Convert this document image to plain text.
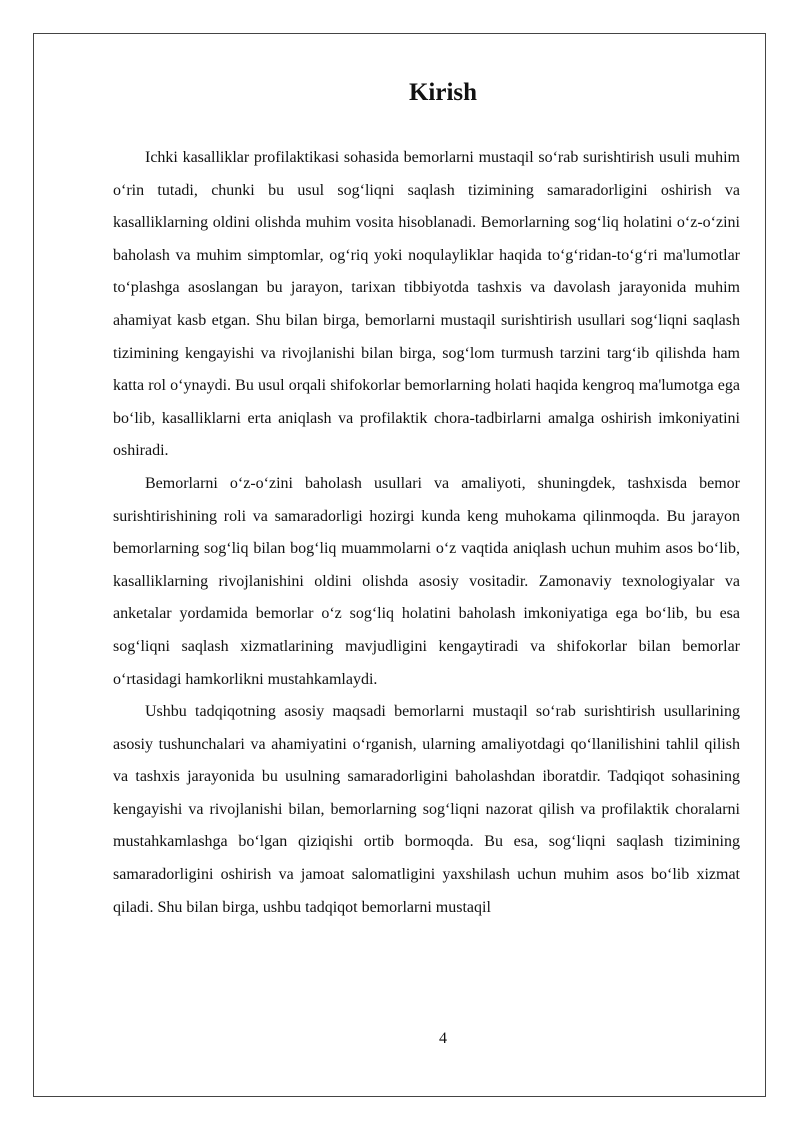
Kirish

Ichki kasalliklar profilaktikasi sohasida bemorlarni mustaqil so‘rab surishtirish usuli muhim o‘rin tutadi, chunki bu usul sog‘liqni saqlash tizimining samaradorligini oshirish va kasalliklarning oldini olishda muhim vosita hisoblanadi. Bemorlarning sog‘liq holatini o‘z-o‘zini baholash va muhim simptomlar, og‘riq yoki noqulayliklar haqida to‘g‘ridan-to‘g‘ri ma'lumotlar to‘plashga asoslangan bu jarayon, tarixan tibbiyotda tashxis va davolash jarayonida muhim ahamiyat kasb etgan. Shu bilan birga, bemorlarni mustaqil surishtirish usullari sog‘liqni saqlash tizimining kengayishi va rivojlanishi bilan birga, sog‘lom turmush tarzini targ‘ib qilishda ham katta rol o‘ynaydi. Bu usul orqali shifokorlar bemorlarning holati haqida kengroq ma'lumotga ega bo‘lib, kasalliklarni erta aniqlash va profilaktik chora-tadbirlarni amalga oshirish imkoniyatini oshiradi.

Bemorlarni o‘z-o‘zini baholash usullari va amaliyoti, shuningdek, tashxisda bemor surishtirishining roli va samaradorligi hozirgi kunda keng muhokama qilinmoqda. Bu jarayon bemorlarning sog‘liq bilan bog‘liq muammolarni o‘z vaqtida aniqlash uchun muhim asos bo‘lib, kasalliklarning rivojlanishini oldini olishda asosiy vositadir. Zamonaviy texnologiyalar va anketalar yordamida bemorlar o‘z sog‘liq holatini baholash imkoniyatiga ega bo‘lib, bu esa sog‘liqni saqlash xizmatlarining mavjudligini kengaytiradi va shifokorlar bilan bemorlar o‘rtasidagi hamkorlikni mustahkamlaydi.

Ushbu tadqiqotning asosiy maqsadi bemorlarni mustaqil so‘rab surishtirish usullarining asosiy tushunchalari va ahamiyatini o‘rganish, ularning amaliyotdagi qo‘llanilishini tahlil qilish va tashxis jarayonida bu usulning samaradorligini baholashdan iboratdir. Tadqiqot sohasining kengayishi va rivojlanishi bilan, bemorlarning sog‘liqni nazorat qilish va profilaktik choralarni mustahkamlashga bo‘lgan qiziqishi ortib bormoqda. Bu esa, sog‘liqni saqlash tizimining samaradorligini oshirish va jamoat salomatligini yaxshilash uchun muhim asos bo‘lib xizmat qiladi. Shu bilan birga, ushbu tadqiqot bemorlarni mustaqil

4
